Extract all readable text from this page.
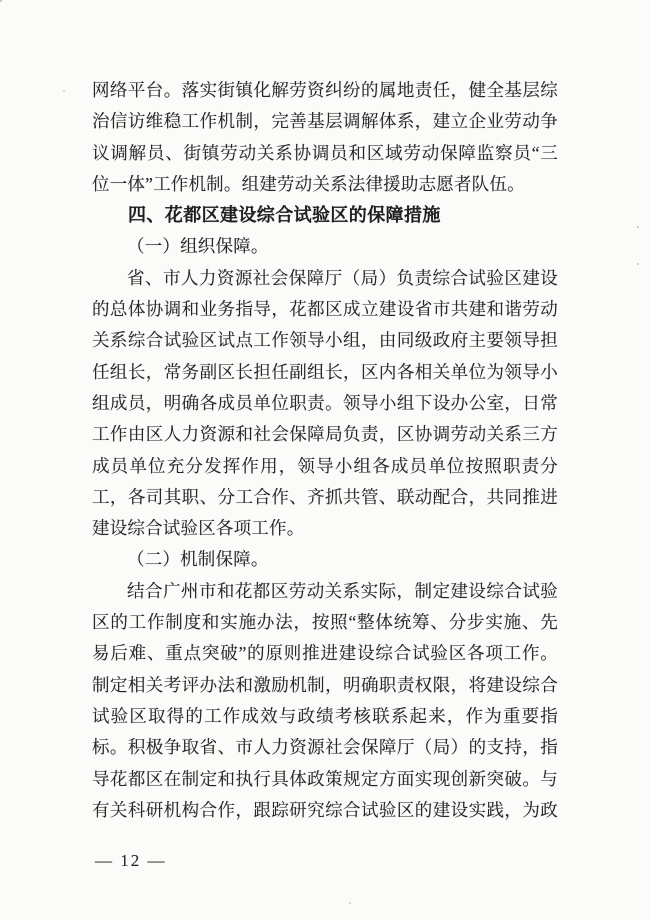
网络平台。落实街镇化解劳资纠纷的属地责任，健全基层综
治信访维稳工作机制，完善基层调解体系，建立企业劳动争
议调解员、街镇劳动关系协调员和区域劳动保障监察员“三
位一体”工作机制。组建劳动关系法律援助志愿者队伍。
四、花都区建设综合试验区的保障措施
（一）组织保障。
省、市人力资源社会保障厅（局）负责综合试验区建设
的总体协调和业务指导，花都区成立建设省市共建和谐劳动
关系综合试验区试点工作领导小组，由同级政府主要领导担
任组长，常务副区长担任副组长，区内各相关单位为领导小
组成员，明确各成员单位职责。领导小组下设办公室，日常
工作由区人力资源和社会保障局负责，区协调劳动关系三方
成员单位充分发挥作用，领导小组各成员单位按照职责分
工，各司其职、分工合作、齐抓共管、联动配合，共同推进
建设综合试验区各项工作。
（二）机制保障。
结合广州市和花都区劳动关系实际，制定建设综合试验
区的工作制度和实施办法，按照“整体统筹、分步实施、先
易后难、重点突破”的原则推进建设综合试验区各项工作。
制定相关考评办法和激励机制，明确职责权限，将建设综合
试验区取得的工作成效与政绩考核联系起来，作为重要指
标。积极争取省、市人力资源社会保障厅（局）的支持，指
导花都区在制定和执行具体政策规定方面实现创新突破。与
有关科研机构合作，跟踪研究综合试验区的建设实践，为政
— 12 —
